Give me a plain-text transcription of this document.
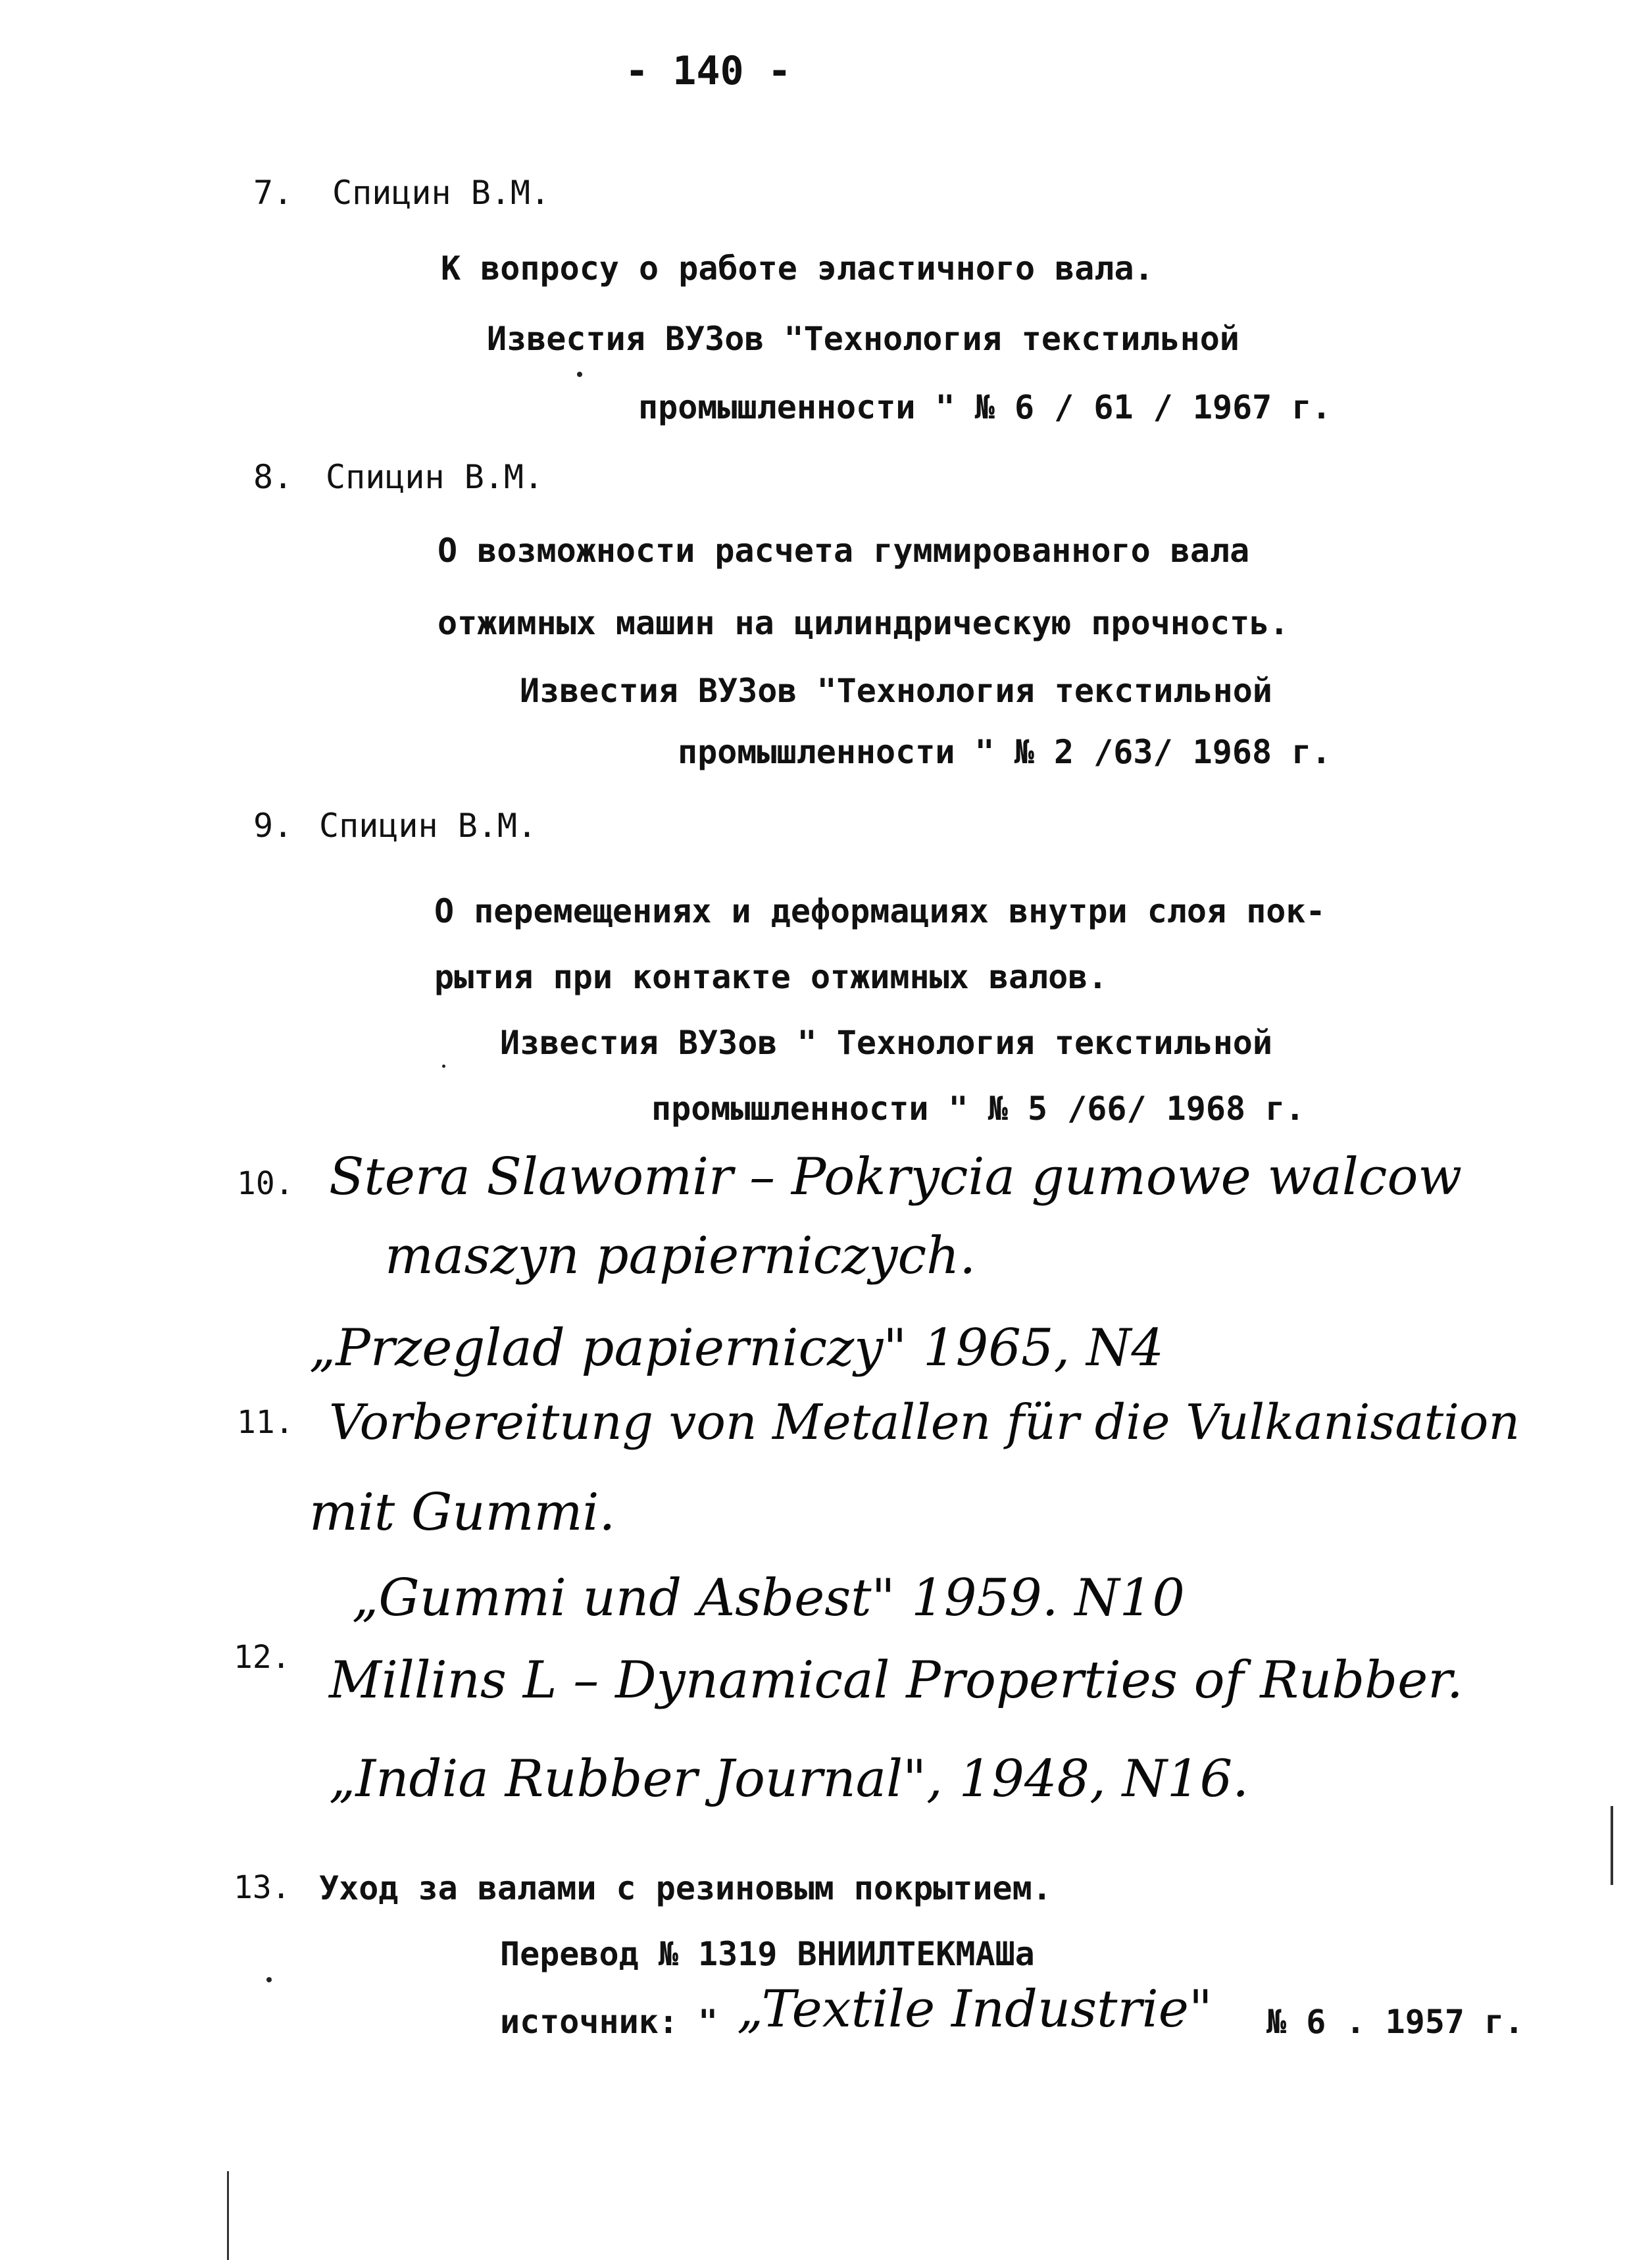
- 140 -
7. Спицин В.М.
К вопросу о работе эластичного вала.
Известия ВУЗов "Технология текстильной
промышленности " № 6 / 61 / 1967 г.
8. Спицин В.М.
О возможности расчета гуммированного вала
отжимных машин на цилиндрическую прочность.
Известия ВУЗов "Технология текстильной
промышленности " № 2 /63/ 1968 г.
9. Спицин В.М.
О перемещениях и деформациях внутри слоя пок-
рытия при контакте отжимных валов.
Известия ВУЗов " Технология текстильной
промышленности " № 5 /66/ 1968 г.
10. Stera Slawomir – Pokrycia gumowe walcow
maszyn papierniczych.
„Przeglad papierniczy" 1965, N4
11. Vorbereitung von Metallen für die Vulkanisation
mit Gummi.
„Gummi und Asbest" 1959. N10
12. Millins L – Dynamical Properties of Rubber.
„India Rubber Journal", 1948, N16.
13. Уход за валами с резиновым покрытием.
Перевод № 1319 ВНИИЛТЕКМАШа
источник: " „Textile Industrie" № 6 . 1957 г.
